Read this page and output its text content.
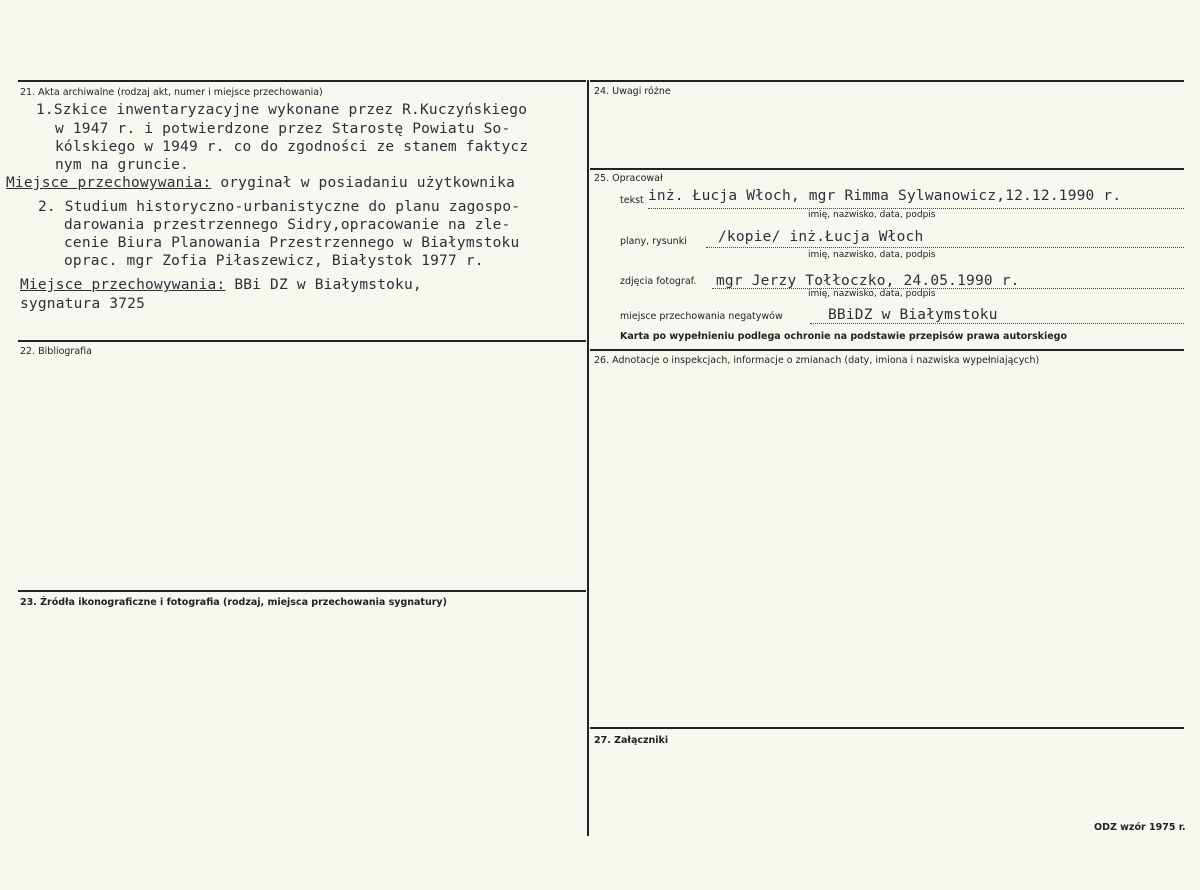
21. Akta archiwalne (rodzaj akt, numer i miejsce przechowania)
1.Szkice inwentaryzacyjne wykonane przez R.Kuczyńskiego
w 1947 r. i potwierdzone przez Starostę Powiatu So-
kólskiego w 1949 r. co do zgodności ze stanem faktycz
nym na gruncie.
Miejsce przechowywania: oryginał w posiadaniu użytkownika
2. Studium historyczno-urbanistyczne do planu zagospo-
darowania przestrzennego Sidry,opracowanie na zle-
cenie Biura Planowania Przestrzennego w Białymstoku
oprac. mgr Zofia Piłaszewicz, Białystok 1977 r.
Miejsce przechowywania: BBi DZ w Białymstoku,
sygnatura 3725
22. Bibliografia
23. Źródła ikonograficzne i fotografia (rodzaj, miejsca przechowania sygnatury)
24. Uwagi różne
25. Opracował
tekst inż. Łucja Włoch, mgr Rimma Sylwanowicz,12.12.1990 r.
imię, nazwisko, data, podpis
plany, rysunki /kopie/ inż.Łucja Włoch
imię, nazwisko, data, podpis
zdjęcia fotograf. mgr Jerzy Tołłoczko, 24.05.1990 r.
imię, nazwisko, data, podpis
miejsce przechowania negatywów	BBiDZ w Białymstoku
Karta po wypełnieniu podlega ochronie na podstawie przepisów prawa autorskiego
26. Adnotacje o inspekcjach, informacje o zmianach (daty, imiona i nazwiska wypełniających)
27. Załączniki
ODZ wzór 1975 r.
